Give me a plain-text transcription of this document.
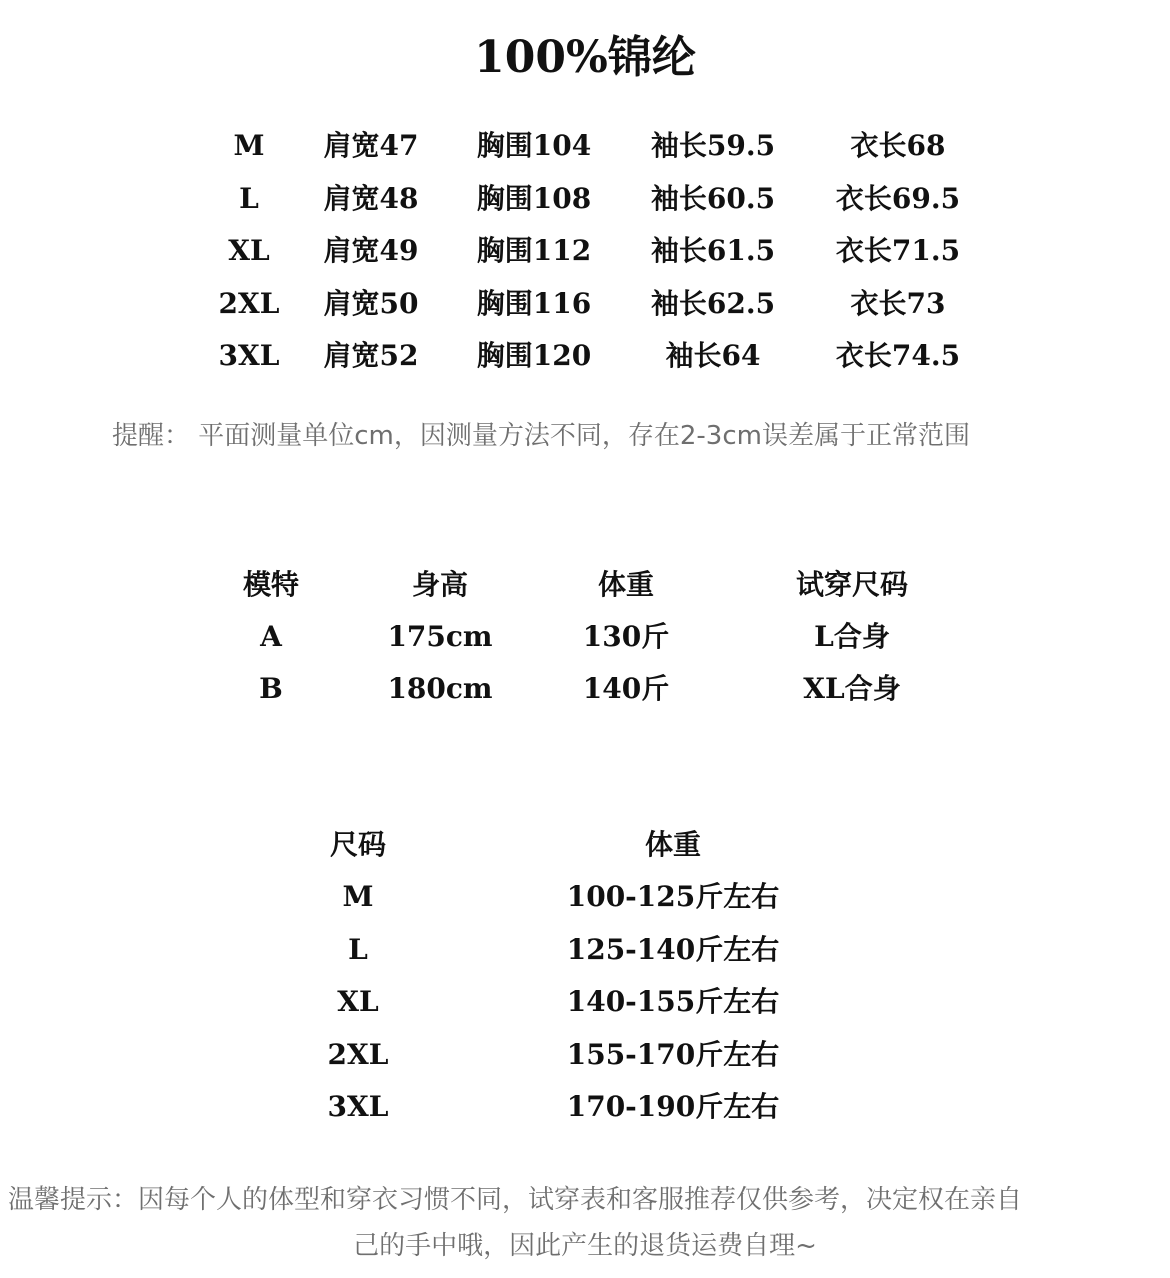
100%锦纶
M	肩宽47	胸围104	袖长59.5	衣长68
L	肩宽48	胸围108	袖长60.5	衣长69.5
XL	肩宽49	胸围112	袖长61.5	衣长71.5
2XL	肩宽50	胸围116	袖长62.5	衣长73
3XL	肩宽52	胸围120	袖长64	衣长74.5
提醒： 平面测量单位cm，因测量方法不同，存在2-3cm误差属于正常范围
模特	身高	体重	试穿尺码
A	175cm	130斤	L合身
B	180cm	140斤	XL合身
尺码	体重
M	100-125斤左右
L	125-140斤左右
XL	140-155斤左右
2XL	155-170斤左右
3XL	170-190斤左右
温馨提示：因每个人的体型和穿衣习惯不同，试穿表和客服推荐仅供参考，决定权在亲自
己的手中哦，因此产生的退货运费自理~
